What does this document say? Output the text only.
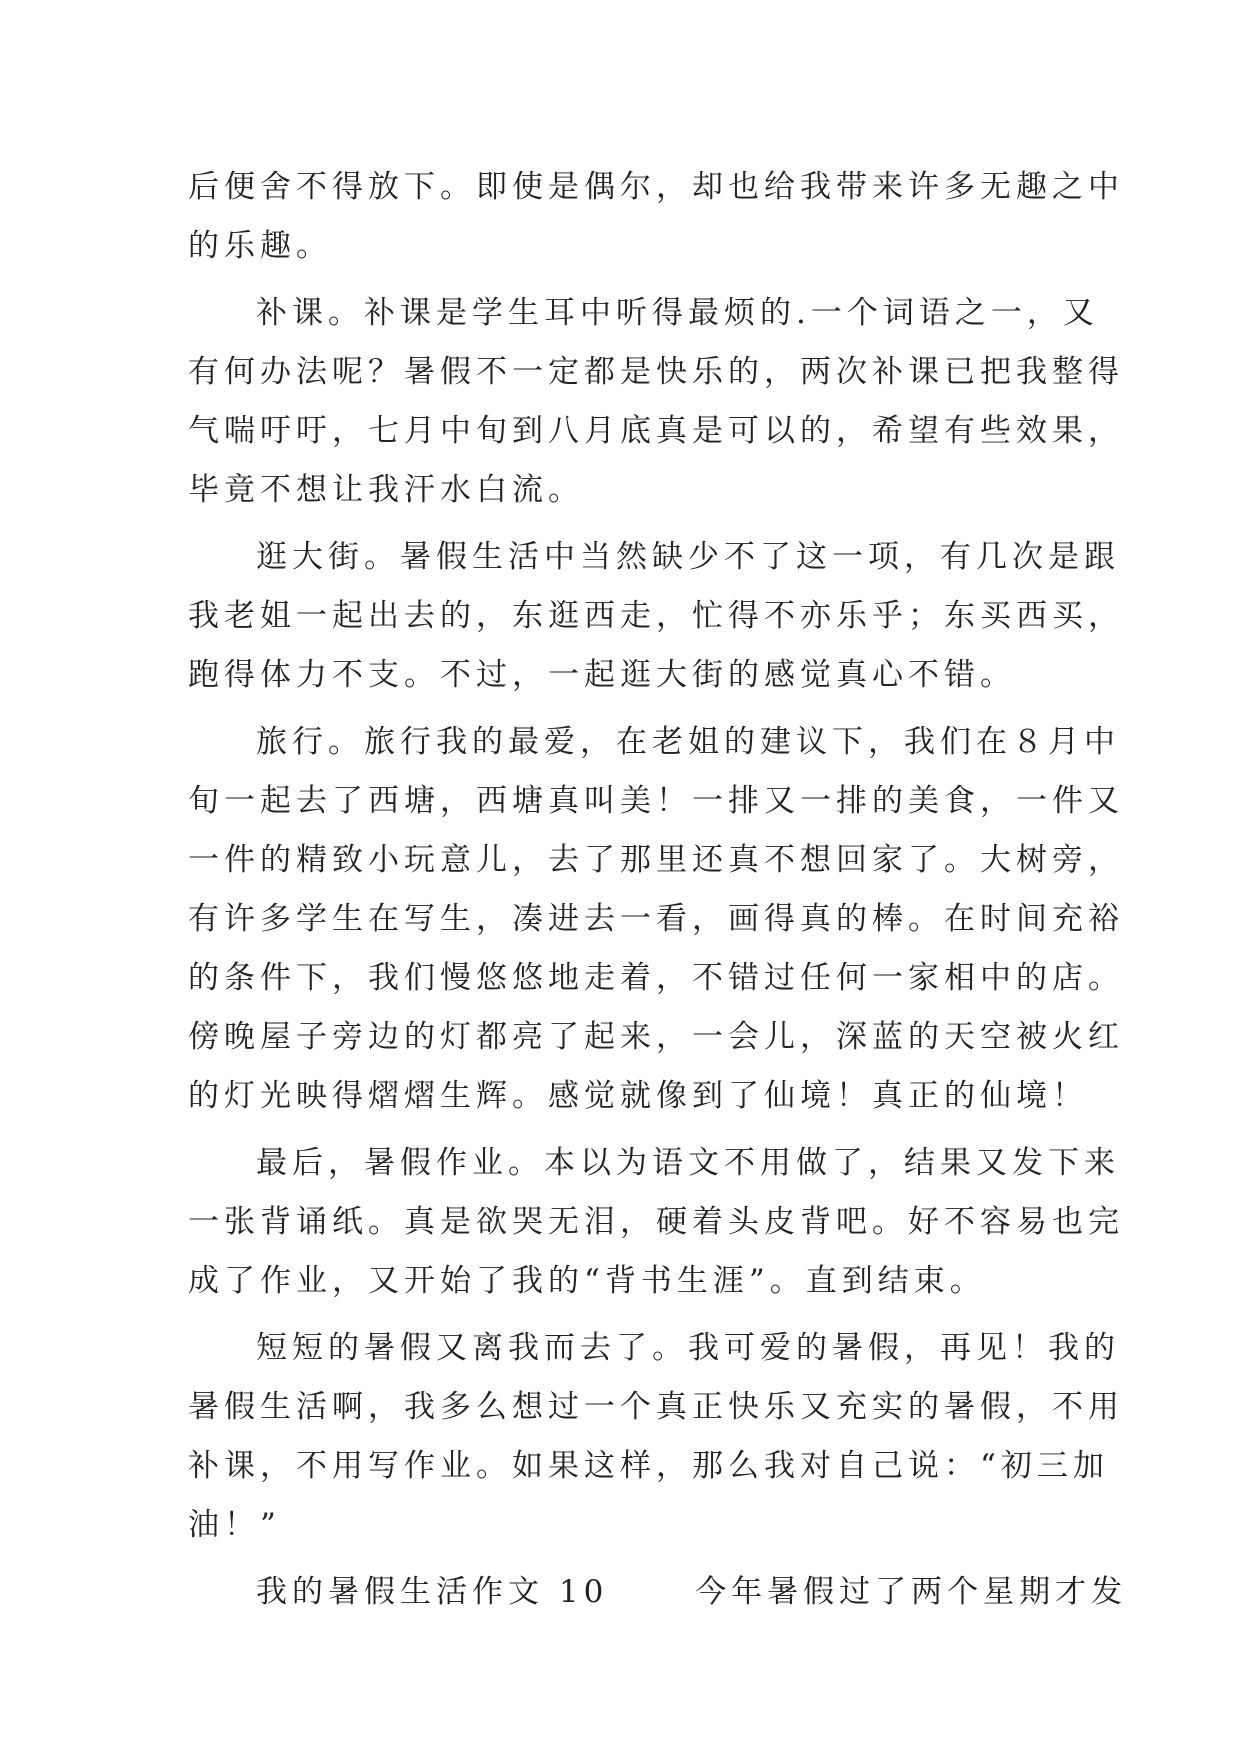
后便舍不得放下。即使是偶尔，却也给我带来许多无趣之中
的乐趣。
补课。补课是学生耳中听得最烦的.一个词语之一，又
有何办法呢？暑假不一定都是快乐的，两次补课已把我整得
气喘吁吁，七月中旬到八月底真是可以的，希望有些效果，
毕竟不想让我汗水白流。
逛大街。暑假生活中当然缺少不了这一项，有几次是跟
我老姐一起出去的，东逛西走，忙得不亦乐乎；东买西买，
跑得体力不支。不过，一起逛大街的感觉真心不错。
旅行。旅行我的最爱，在老姐的建议下，我们在８月中
旬一起去了西塘，西塘真叫美！一排又一排的美食，一件又
一件的精致小玩意儿，去了那里还真不想回家了。大树旁，
有许多学生在写生，凑进去一看，画得真的棒。在时间充裕
的条件下，我们慢悠悠地走着，不错过任何一家相中的店。
傍晚屋子旁边的灯都亮了起来，一会儿，深蓝的天空被火红
的灯光映得熠熠生辉。感觉就像到了仙境！真正的仙境！
最后，暑假作业。本以为语文不用做了，结果又发下来
一张背诵纸。真是欲哭无泪，硬着头皮背吧。好不容易也完
成了作业，又开始了我的“背书生涯”。直到结束。
短短的暑假又离我而去了。我可爱的暑假，再见！我的
暑假生活啊，我多么想过一个真正快乐又充实的暑假，不用
补课，不用写作业。如果这样，那么我对自己说：“初三加
油！”
我的暑假生活作文 10 　　今年暑假过了两个星期才发
